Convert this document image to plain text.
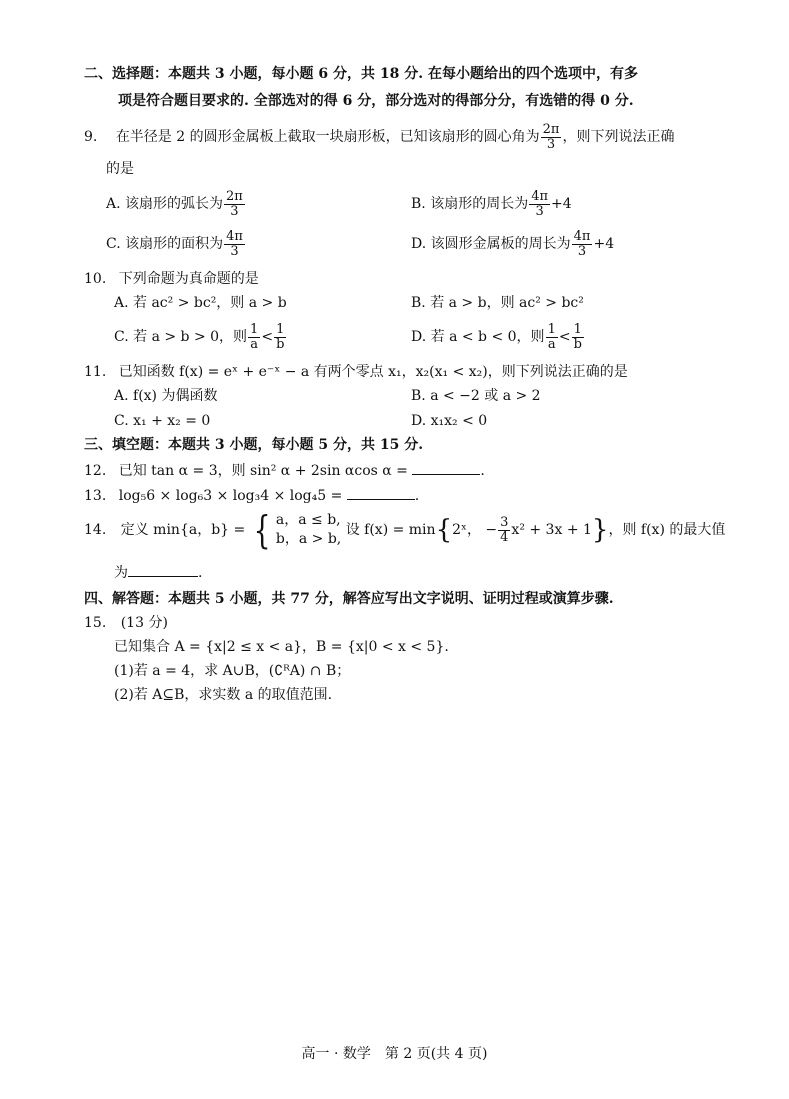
二、选择题：本题共 3 小题，每小题 6 分，共 18 分. 在每小题给出的四个选项中，有多
项是符合题目要求的. 全部选对的得 6 分，部分选对的得部分分，有选错的得 0 分.
9. 在半径是 2 的圆形金属板上截取一块扇形板，已知该扇形的圆心角为 $\frac{2\pi}{3}$ ，则下列说法正确
的是
A. 该扇形的弧长为 $\frac{2\pi}{3}$	B. 该扇形的周长为 $\frac{4\pi}{3} +4$
C. 该扇形的面积为 $\frac{4\pi}{3}$	D. 该圆形金属板的周长为 $\frac{4\pi}{3} +4$
10. 下列命题为真命题的是
A. 若 ac² > bc²，则 a > b	B. 若 a > b，则 ac² > bc²
C. 若 a > b > 0，则 $\frac{1}{a} < \frac{1}{b}$	D. 若 a < b < 0，则 $\frac{1}{a} < \frac{1}{b}$
11. 已知函数 f(x) = eˣ + e⁻ˣ − a 有两个零点 x₁，x₂(x₁ < x₂)，则下列说法正确的是
A. f(x) 为偶函数	B. a < −2 或 a > 2
C. x₁ + x₂ = 0	D. x₁x₂ < 0
三、填空题：本题共 3 小题，每小题 5 分，共 15 分.
12. 已知 tan α = 3，则 sin² α + 2sin αcos α =	.
13. log₅6 × log₆3 × log₃4 × log₄5 =	.
14. 定义 min{a，b} = { a，a ≤ b,
b，a > b,
设 f(x) = min{2ˣ， − $\frac{3}{4} x^2 + 3x + 1$}，则 f(x) 的最大值
为	.
四、解答题：本题共 5 小题，共 77 分，解答应写出文字说明、证明过程或演算步骤.
15. (13 分)
已知集合 A = {x|2 ≤ x < a}，B = {x|0 < x < 5}.
(1)若 a = 4，求 A∪B，(∁ᴿA) ∩ B；
(2)若 A⊆B，求实数 a 的取值范围.
高一 · 数学　第 2 页(共 4 页)
